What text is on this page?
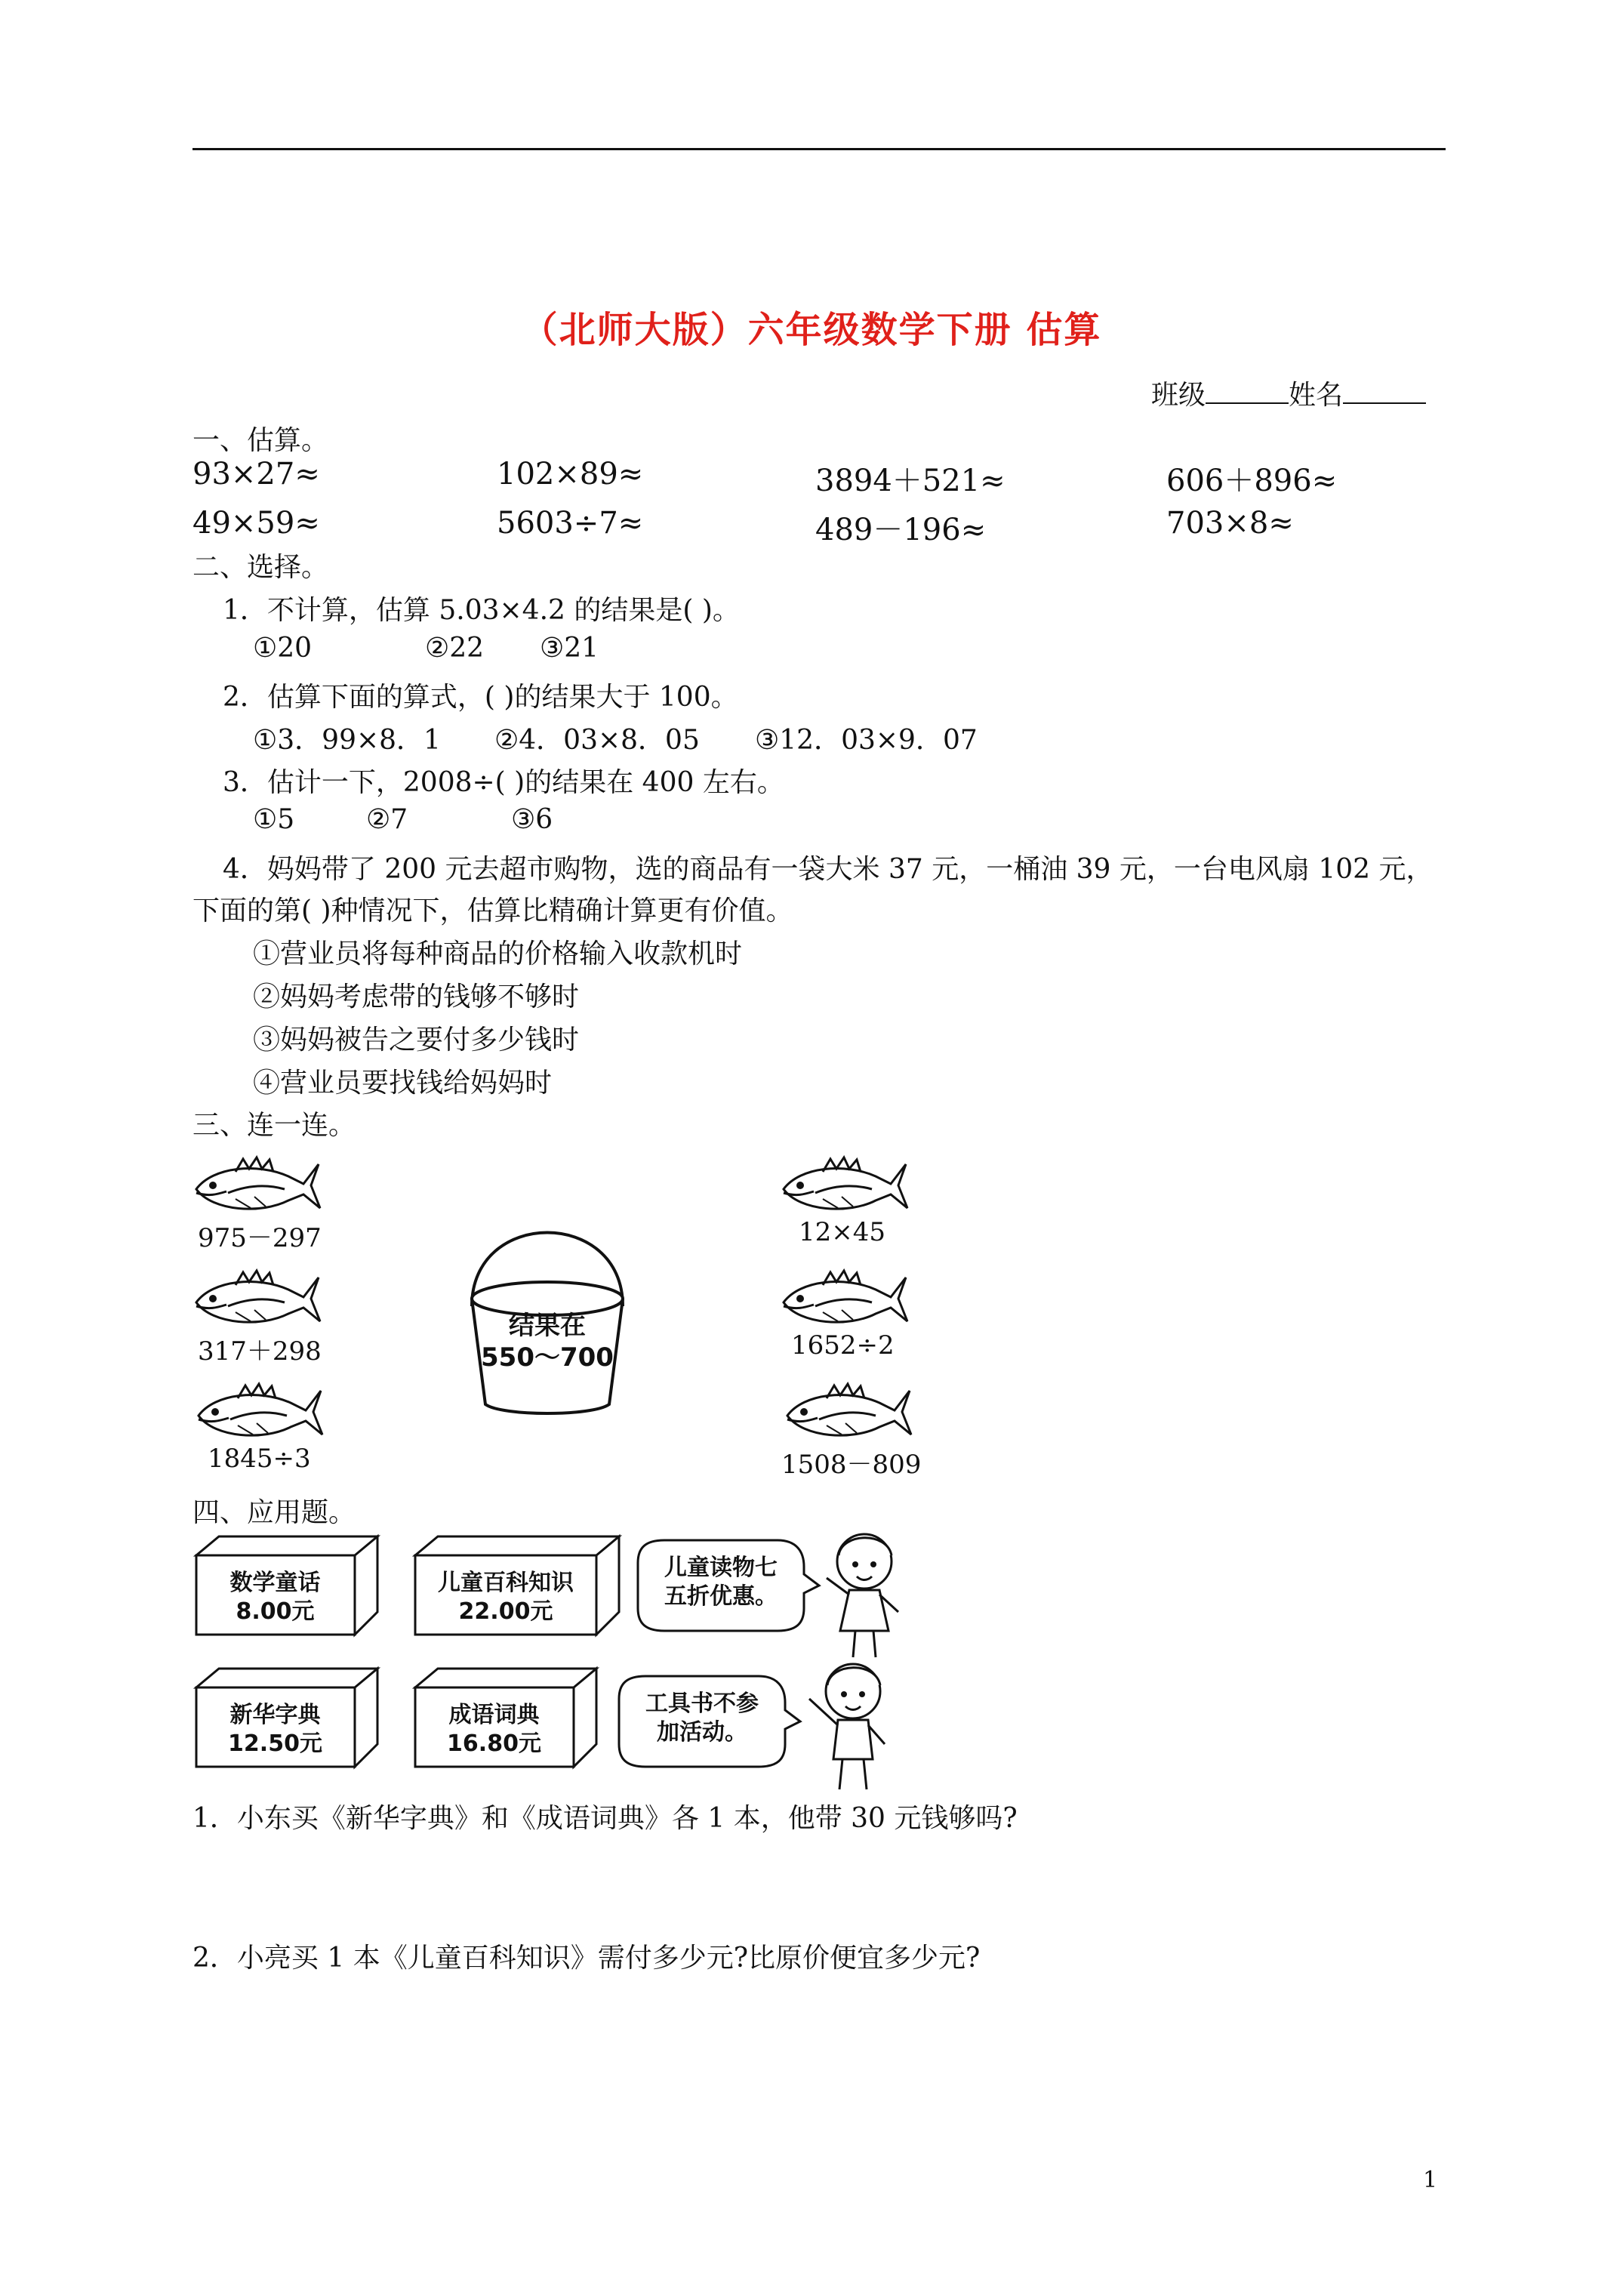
（北师大版）六年级数学下册 估算
班级	姓名
一、估算。
93×27≈	102×89≈	3894＋521≈	606＋896≈
49×59≈	5603÷7≈	489－196≈	703×8≈
二、选择。
1．不计算，估算 5.03×4.2 的结果是( )。
①20	②22 ③21
2．估算下面的算式，( )的结果大于 100。
①3．99×8．1 ②4．03×8．05 ③12．03×9．07
3．估计一下，2008÷( )的结果在 400 左右。
①5	②7	③6
4．妈妈带了 200 元去超市购物，选的商品有一袋大米 37 元，一桶油 39 元，一台电风扇 102 元，
下面的第( )种情况下，估算比精确计算更有价值。
①营业员将每种商品的价格输入收款机时
②妈妈考虑带的钱够不够时
③妈妈被告之要付多少钱时
④营业员要找钱给妈妈时
三、连一连。
975－297
317＋298
1845÷3
12×45
1652÷2
1508－809
结果在
550～700
四、应用题。
数学童话
8.00元
儿童百科知识
22.00元
新华字典
12.50元
成语词典
16.80元
儿童读物七
五折优惠。
工具书不参
加活动。
1．小东买《新华字典》和《成语词典》各 1 本，他带 30 元钱够吗?
2．小亮买 1 本《儿童百科知识》需付多少元?比原价便宜多少元?
1
